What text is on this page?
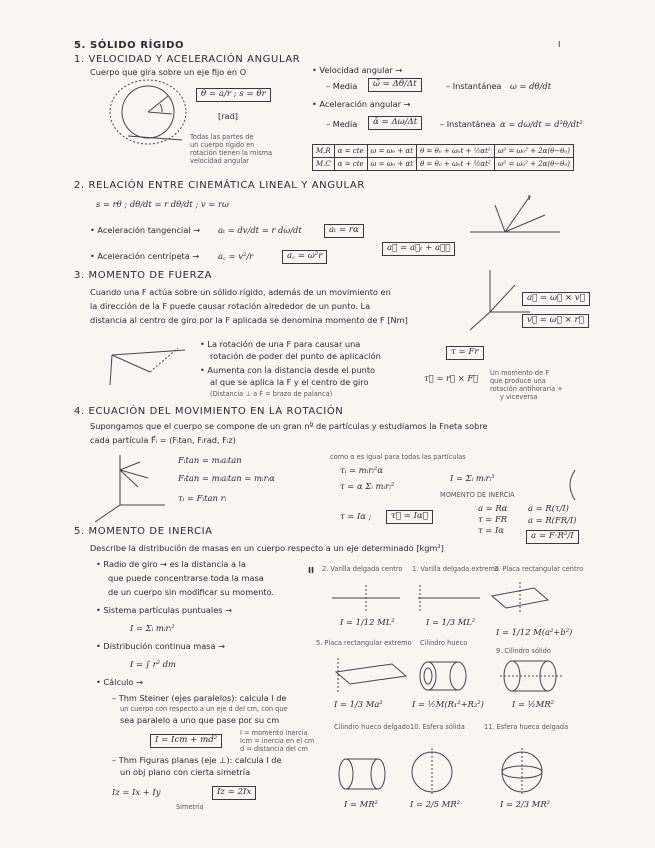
5. SÓLIDO RÍGIDO	I
1. VELOCIDAD Y ACELERACIÓN ANGULAR
Cuerpo que gira sobre un eje fijo en O
θ = a/r ; s = θr
[rad]
Todas las partes de
un cuerpo rígido en
rotación tienen la misma
velocidad angular
• Velocidad angular →
– Media	ω̄ = Δθ/Δt	– Instantánea ω = dθ/dt
• Aceleración angular →
– Media	ᾱ = Δω/Δt	– Instantánea α = dω/dt = d²θ/dt²
M.R	α = cte	ω = ω₀ + αt	θ = θ₀ + ω₀t + ½αt²	ω² = ω₀² + 2α(θ−θ₀)
M.C	α = cte	ω = ω₀ + αt	θ = θ₀ + ω₀t + ½αt²	ω² = ω₀² + 2α(θ−θ₀)
2. RELACIÓN ENTRE CINEMÁTICA LINEAL Y ANGULAR
s = rθ ; dθ/dt = r dθ/dt ; v = rω
• Aceleración tangencial → aₜ = dv/dt = r dω/dt	aₜ = rα
• Aceleración centrípeta → a꜀ = v²/r	a꜀ = ω²r
a⃗ = a⃗ₜ + a⃗꜀
3. MOMENTO DE FUERZA
Cuando una F actúa sobre un sólido rígido, además de un movimiento en
la dirección de la F puede causar rotación alrededor de un punto. La
distancia al centro de giro por la F aplicada se denomina momento de F [Nm]
a⃗ = ω⃗ × v⃗
v⃗ = ω⃗ × r⃗
• La rotación de una F para causar una
rotación de poder del punto de aplicación
• Aumenta con la distancia desde el punto
al que se aplica la F y el centro de giro
(Distancia ⊥ a F = brazo de palanca)
τ = Fr
τ⃗ = r⃗ × F⃗ Un momento de F
que produce una
rotación antihoraria +
y viceversa
4. ECUACIÓN DEL MOVIMIENTO EN LA ROTACIÓN
Supongamos que el cuerpo se compone de un gran nº de partículas y estudiamos la Fneta sobre
cada partícula F⃗ᵢ = (Fᵢtan, Fᵢrad, Fᵢz)
Fᵢtan = mᵢaᵢtan
Fᵢtan = mᵢaᵢtan = mᵢrᵢα
τᵢ = Fᵢtan rᵢ
como α es igual para todas las partículas
τᵢ = mᵢrᵢ²α
τ = α Σᵢ mᵢrᵢ²
I = Σᵢ mᵢrᵢ²
MOMENTO DE INERCIA
τ = Iα ;	τ⃗ = Iα⃗
a = Rα
τ = FR
τ = Iα
a = R(τ/I)
a = R(FR/I)
a = F·R²/I
5. MOMENTO DE INERCIA
Describe la distribución de masas en un cuerpo respecto a un eje determinado [kgm²]
• Radio de giro → es la distancia a la
que puede concentrarse toda la masa
de un cuerpo sin modificar su momento.
• Sistema partículas puntuales →
I = Σᵢ mᵢrᵢ²
• Distribución continua masa →
I = ∫ r² dm
• Cálculo →
– Thm Steiner (ejes paralelos): calcula I de
un cuerpo con respecto a un eje d del cm, con que
sea paralelo a uno que pase por su cm
I = Icm + md²
I = momento inercia
Icm = inercia en el cm
d = distancia del cm
– Thm Figuras planas (eje ⊥): calcula I de
un obj plano con cierta simetría
Iz = Ix + Iy	Iz = 2Ix
Simetría
II 2. Varilla delgada centro
I = 1/12 ML²
1. Varilla delgada extremo
I = 1/3 ML²
3. Placa rectangular centro
I = 1/12 M(a²+b²)
5. Placa rectangular extremo
I = 1/3 Ma²
Cilindro hueco
I = ½M(R₁²+R₂²)
9. Cilindro sólido
I = ½MR²
Cilindro hueco delgado
I = MR²
10. Esfera sólida
I = 2/5 MR²
11. Esfera hueca delgada
I = 2/3 MR²
